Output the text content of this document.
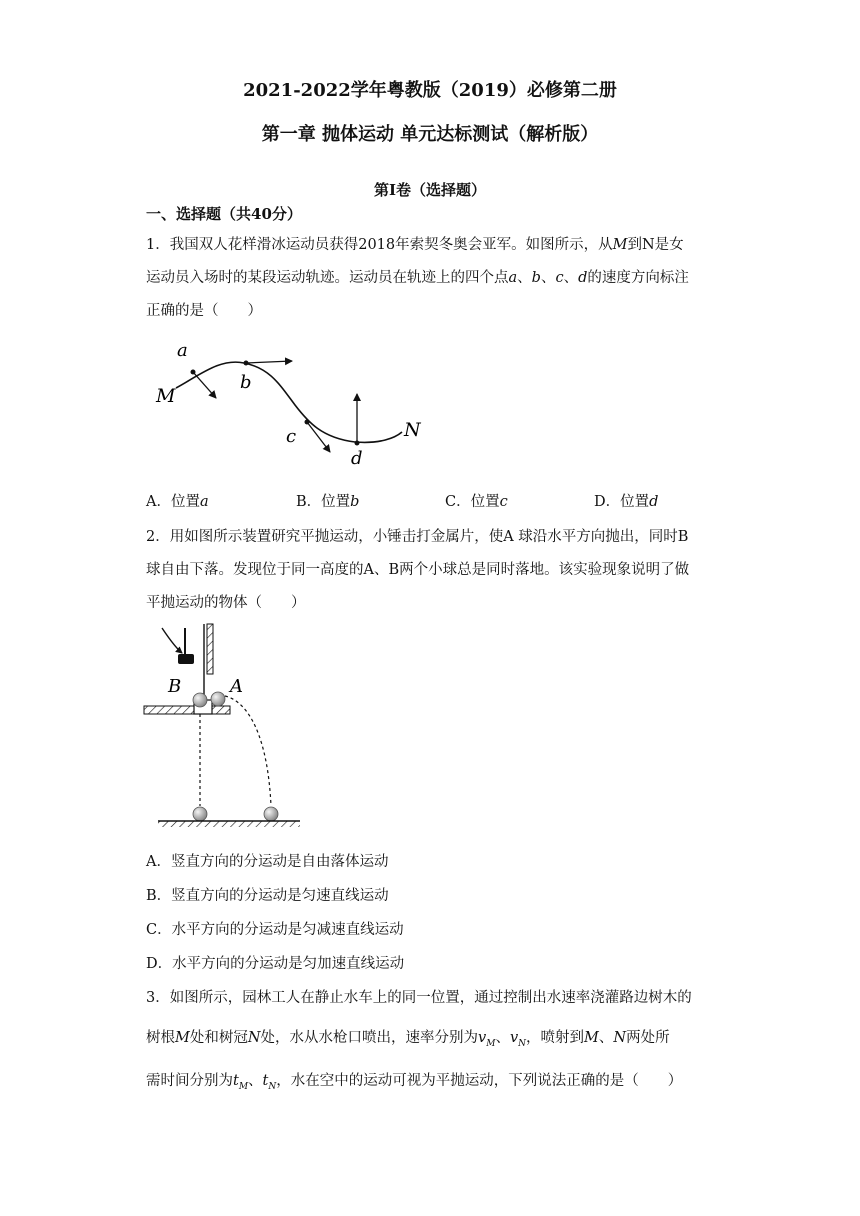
2021-2022学年粤教版（2019）必修第二册
第一章 抛体运动 单元达标测试（解析版）
第Ⅰ卷（选择题）
一、选择题（共40分）
1．我国双人花样滑冰运动员获得2018年索契冬奥会亚军。如图所示，从M到N是女
运动员入场时的某段运动轨迹。运动员在轨迹上的四个点a、b、c、d的速度方向标注
正确的是（　　）
a
b
c
d
M
N
A．位置a	B．位置b	C．位置c	D．位置d
2．用如图所示装置研究平抛运动，小锤击打金属片，使A 球沿水平方向抛出，同时B
球自由下落。发现位于同一高度的A、B两个小球总是同时落地。该实验现象说明了做
平抛运动的物体（　　）
B	A
A．竖直方向的分运动是自由落体运动
B．竖直方向的分运动是匀速直线运动
C．水平方向的分运动是匀减速直线运动
D．水平方向的分运动是匀加速直线运动
3．如图所示，园林工人在静止水车上的同一位置，通过控制出水速率浇灌路边树木的
树根M处和树冠N处，水从水枪口喷出，速率分别为$v_M$、$v_N$，喷射到M、N两处所
需时间分别为$t_M$、$t_N$，水在空中的运动可视为平抛运动，下列说法正确的是（　　）
